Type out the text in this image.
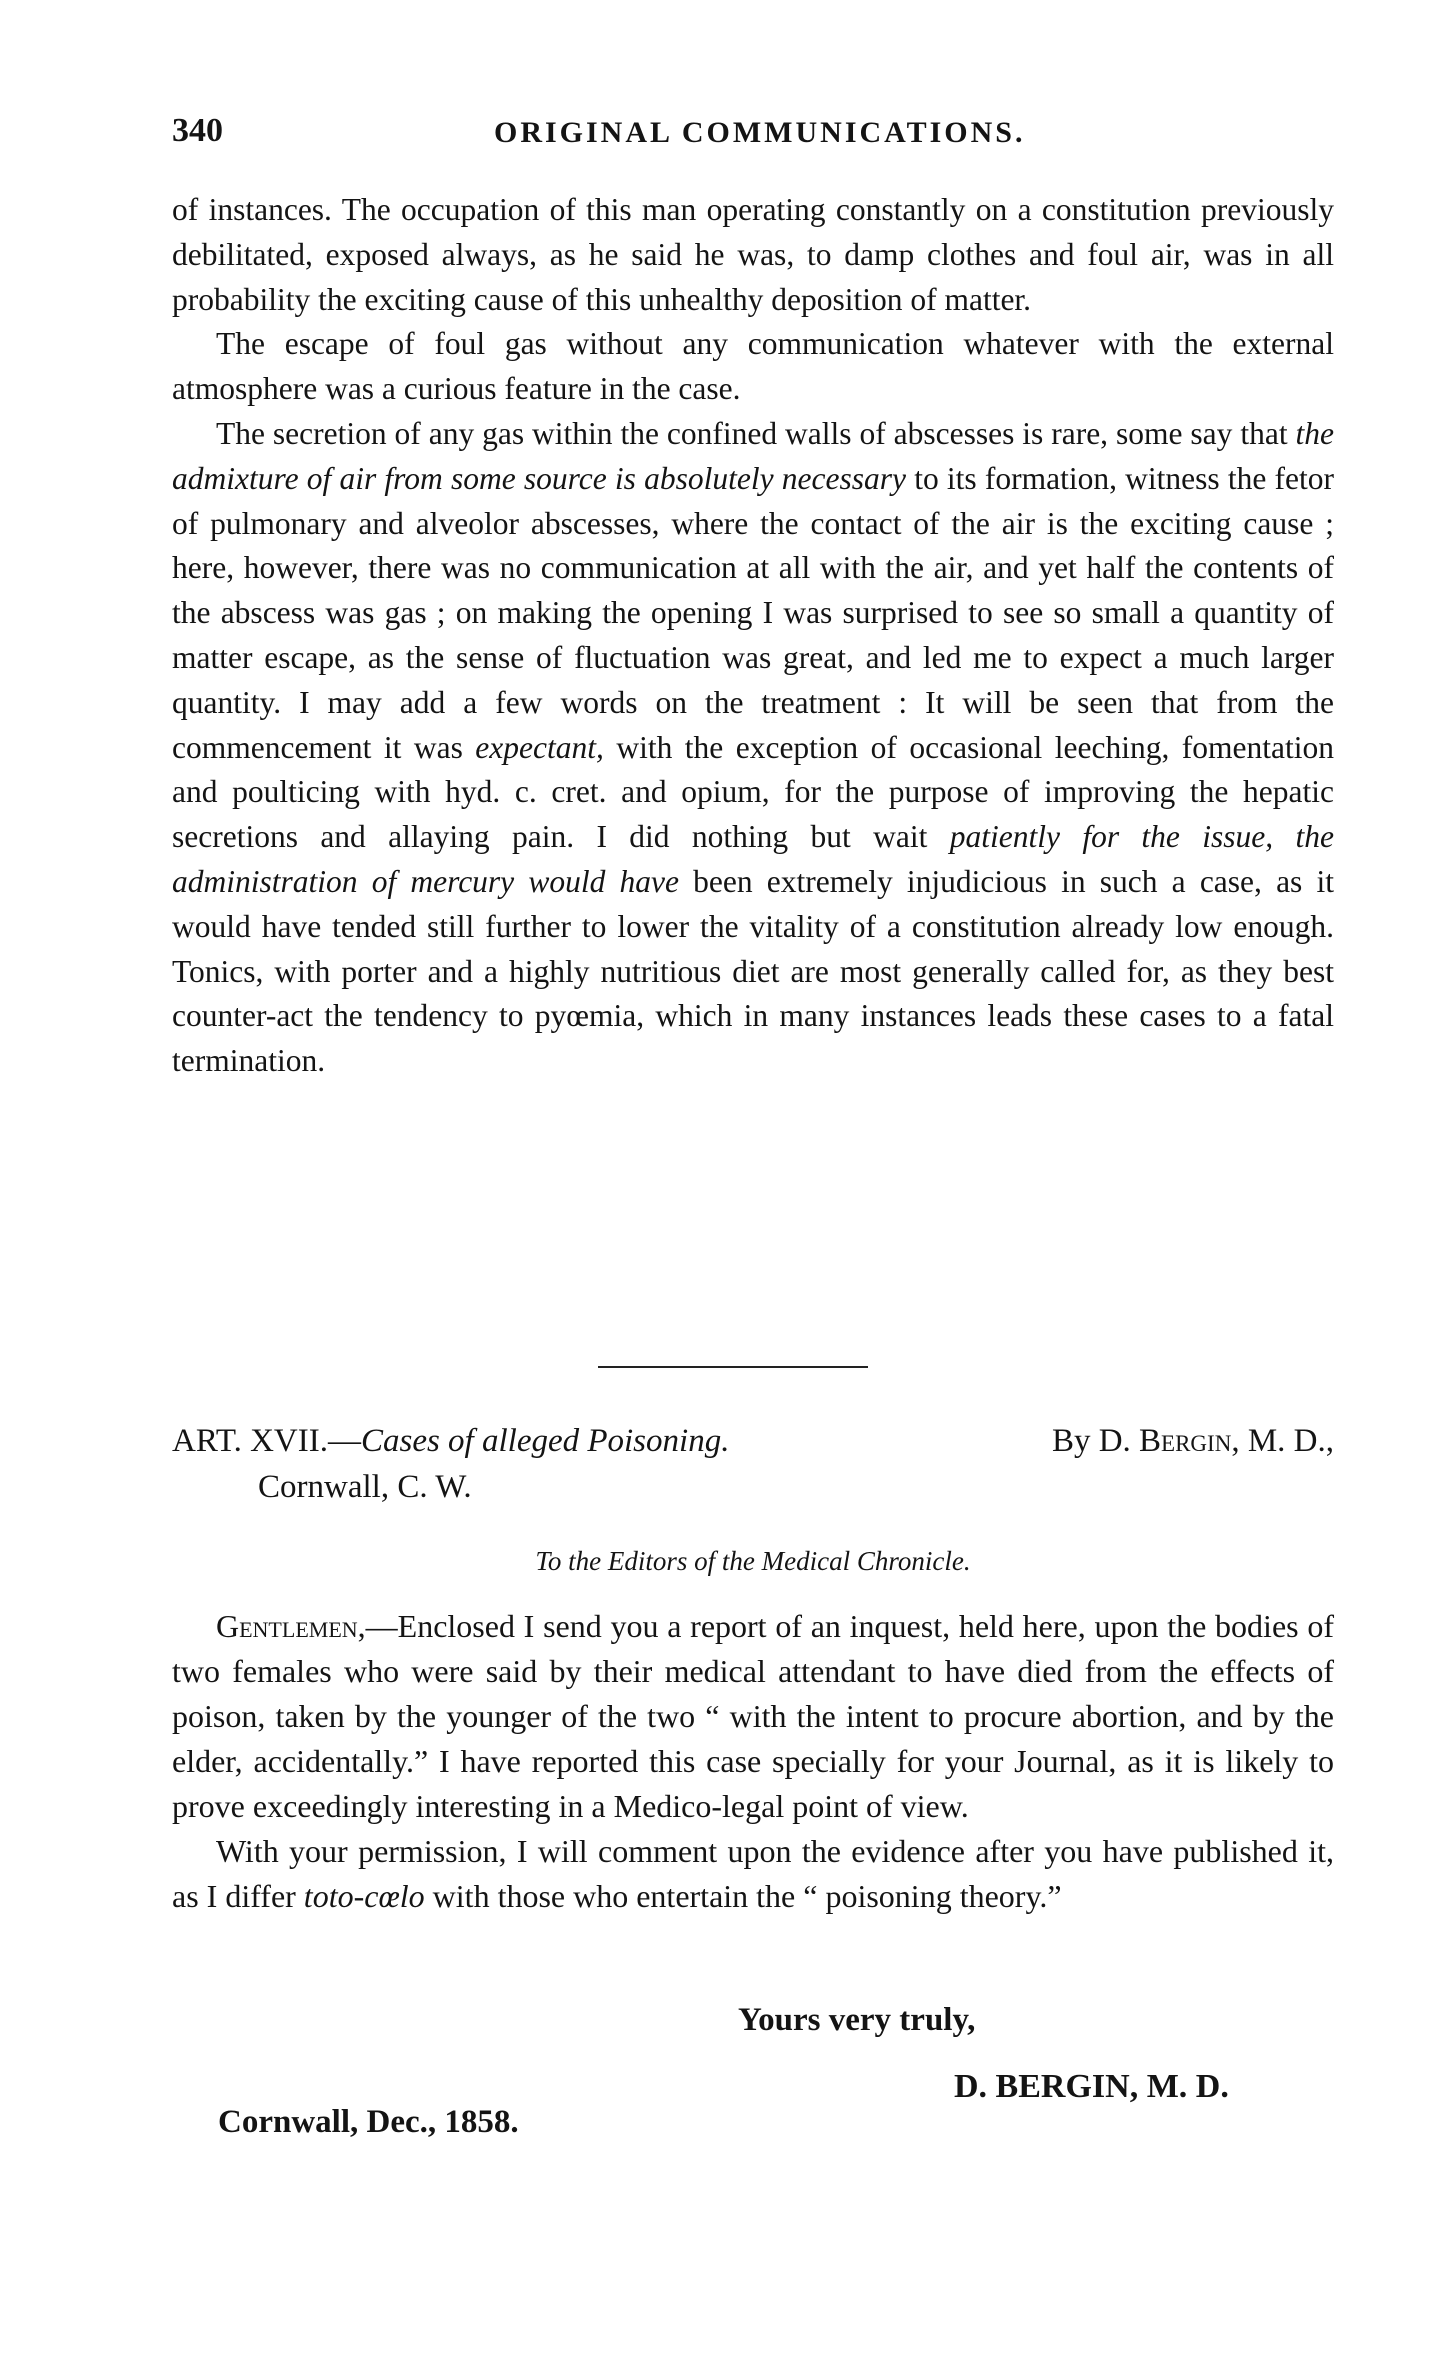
340	ORIGINAL COMMUNICATIONS.

of instances. The occupation of this man operating constantly on a constitution previously debilitated, exposed always, as he said he was, to damp clothes and foul air, was in all probability the exciting cause of this unhealthy deposition of matter.

The escape of foul gas without any communication whatever with the external atmosphere was a curious feature in the case.

The secretion of any gas within the confined walls of abscesses is rare, some say that the admixture of air from some source is absolutely necessary to its formation, witness the fetor of pulmonary and alveolor abscesses, where the contact of the air is the exciting cause ; here, however, there was no communication at all with the air, and yet half the contents of the abscess was gas ; on making the opening I was surprised to see so small a quantity of matter escape, as the sense of fluctuation was great, and led me to expect a much larger quantity. I may add a few words on the treatment : It will be seen that from the commencement it was expectant, with the exception of occasional leeching, fomentation and poulticing with hyd. c. cret. and opium, for the purpose of improving the hepatic secretions and allaying pain. I did nothing but wait patiently for the issue, the administration of mercury would have been extremely injudicious in such a case, as it would have tended still further to lower the vitality of a constitution already low enough. Tonics, with porter and a highly nutritious diet are most generally called for, as they best counter-act the tendency to pyœmia, which in many instances leads these cases to a fatal termination.

ART. XVII.—Cases of alleged Poisoning.	By D. Bergin, M. D.,
Cornwall, C. W.
To the Editors of the Medical Chronicle.

Gentlemen,—Enclosed I send you a report of an inquest, held here, upon the bodies of two females who were said by their medical attendant to have died from the effects of poison, taken by the younger of the two “ with the intent to procure abortion, and by the elder, accidentally.” I have reported this case specially for your Journal, as it is likely to prove exceedingly interesting in a Medico-legal point of view.

With your permission, I will comment upon the evidence after you have published it, as I differ toto-cœlo with those who entertain the “ poisoning theory.”

Yours very truly,
D. BERGIN, M. D.
Cornwall, Dec., 1858.
